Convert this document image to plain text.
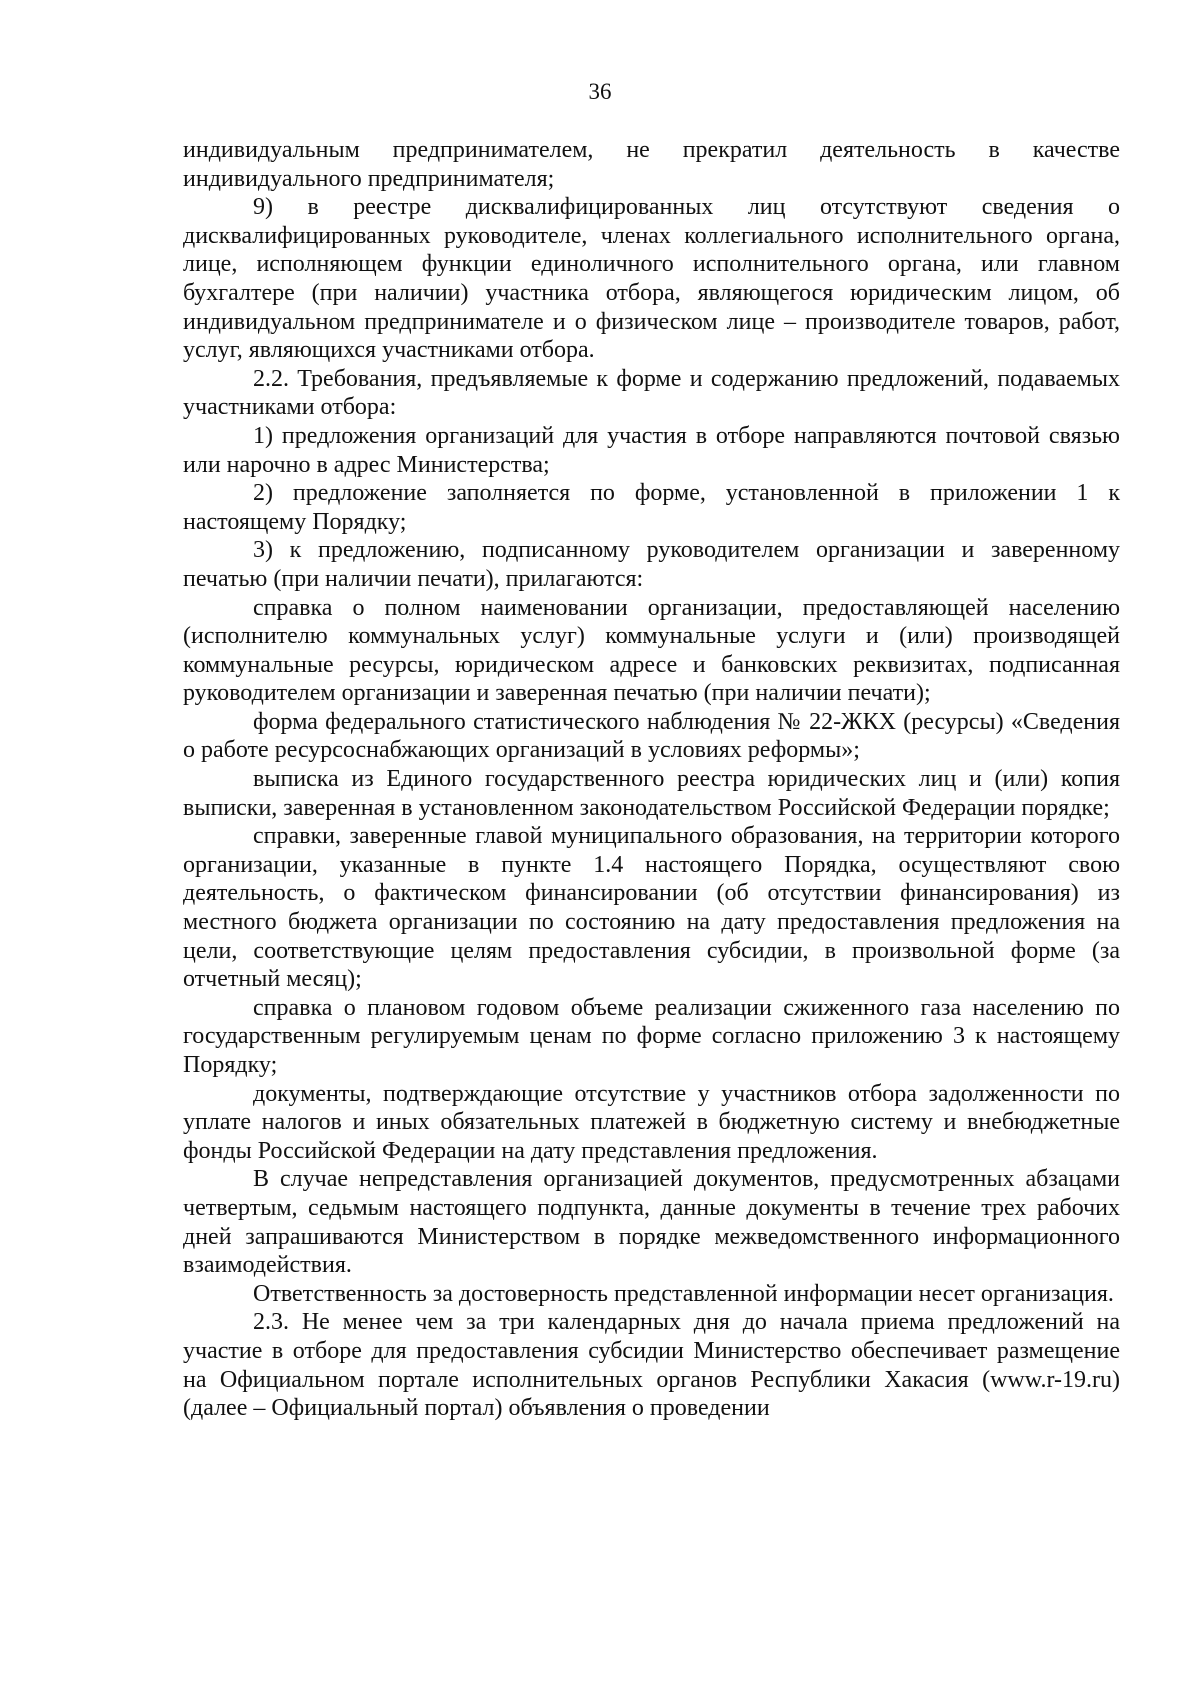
36

индивидуальным предпринимателем, не прекратил деятельность в качестве индивидуального предпринимателя;

9) в реестре дисквалифицированных лиц отсутствуют сведения о дисквалифицированных руководителе, членах коллегиального исполнительного органа, лице, исполняющем функции единоличного исполнительного органа, или главном бухгалтере (при наличии) участника отбора, являющегося юридическим лицом, об индивидуальном предпринимателе и о физическом лице – производителе товаров, работ, услуг, являющихся участниками отбора.

2.2. Требования, предъявляемые к форме и содержанию предложений, подаваемых участниками отбора:

1) предложения организаций для участия в отборе направляются почтовой связью или нарочно в адрес Министерства;

2) предложение заполняется по форме, установленной в приложении 1 к настоящему Порядку;

3) к предложению, подписанному руководителем организации и заверенному печатью (при наличии печати), прилагаются:

справка о полном наименовании организации, предоставляющей населению (исполнителю коммунальных услуг) коммунальные услуги и (или) производящей коммунальные ресурсы, юридическом адресе и банковских реквизитах, подписанная руководителем организации и заверенная печатью (при наличии печати);

форма федерального статистического наблюдения № 22-ЖКХ (ресурсы) «Сведения о работе ресурсоснабжающих организаций в условиях реформы»;

выписка из Единого государственного реестра юридических лиц и (или) копия выписки, заверенная в установленном законодательством Российской Федерации порядке;

справки, заверенные главой муниципального образования, на территории которого организации, указанные в пункте 1.4 настоящего Порядка, осуществляют свою деятельность, о фактическом финансировании (об отсутствии финансирования) из местного бюджета организации по состоянию на дату предоставления предложения на цели, соответствующие целям предоставления субсидии, в произвольной форме (за отчетный месяц);

справка о плановом годовом объеме реализации сжиженного газа населению по государственным регулируемым ценам по форме согласно приложению 3 к настоящему Порядку;

документы, подтверждающие отсутствие у участников отбора задолженности по уплате налогов и иных обязательных платежей в бюджетную систему и внебюджетные фонды Российской Федерации на дату представления предложения.

В случае непредставления организацией документов, предусмотренных абзацами четвертым, седьмым настоящего подпункта, данные документы в течение трех рабочих дней запрашиваются Министерством в порядке межведомственного информационного взаимодействия.

Ответственность за достоверность представленной информации несет организация.

2.3. Не менее чем за три календарных дня до начала приема предложений на участие в отборе для предоставления субсидии Министерство обеспечивает размещение на Официальном портале исполнительных органов Республики Хакасия (www.r-19.ru) (далее – Официальный портал) объявления о проведении
